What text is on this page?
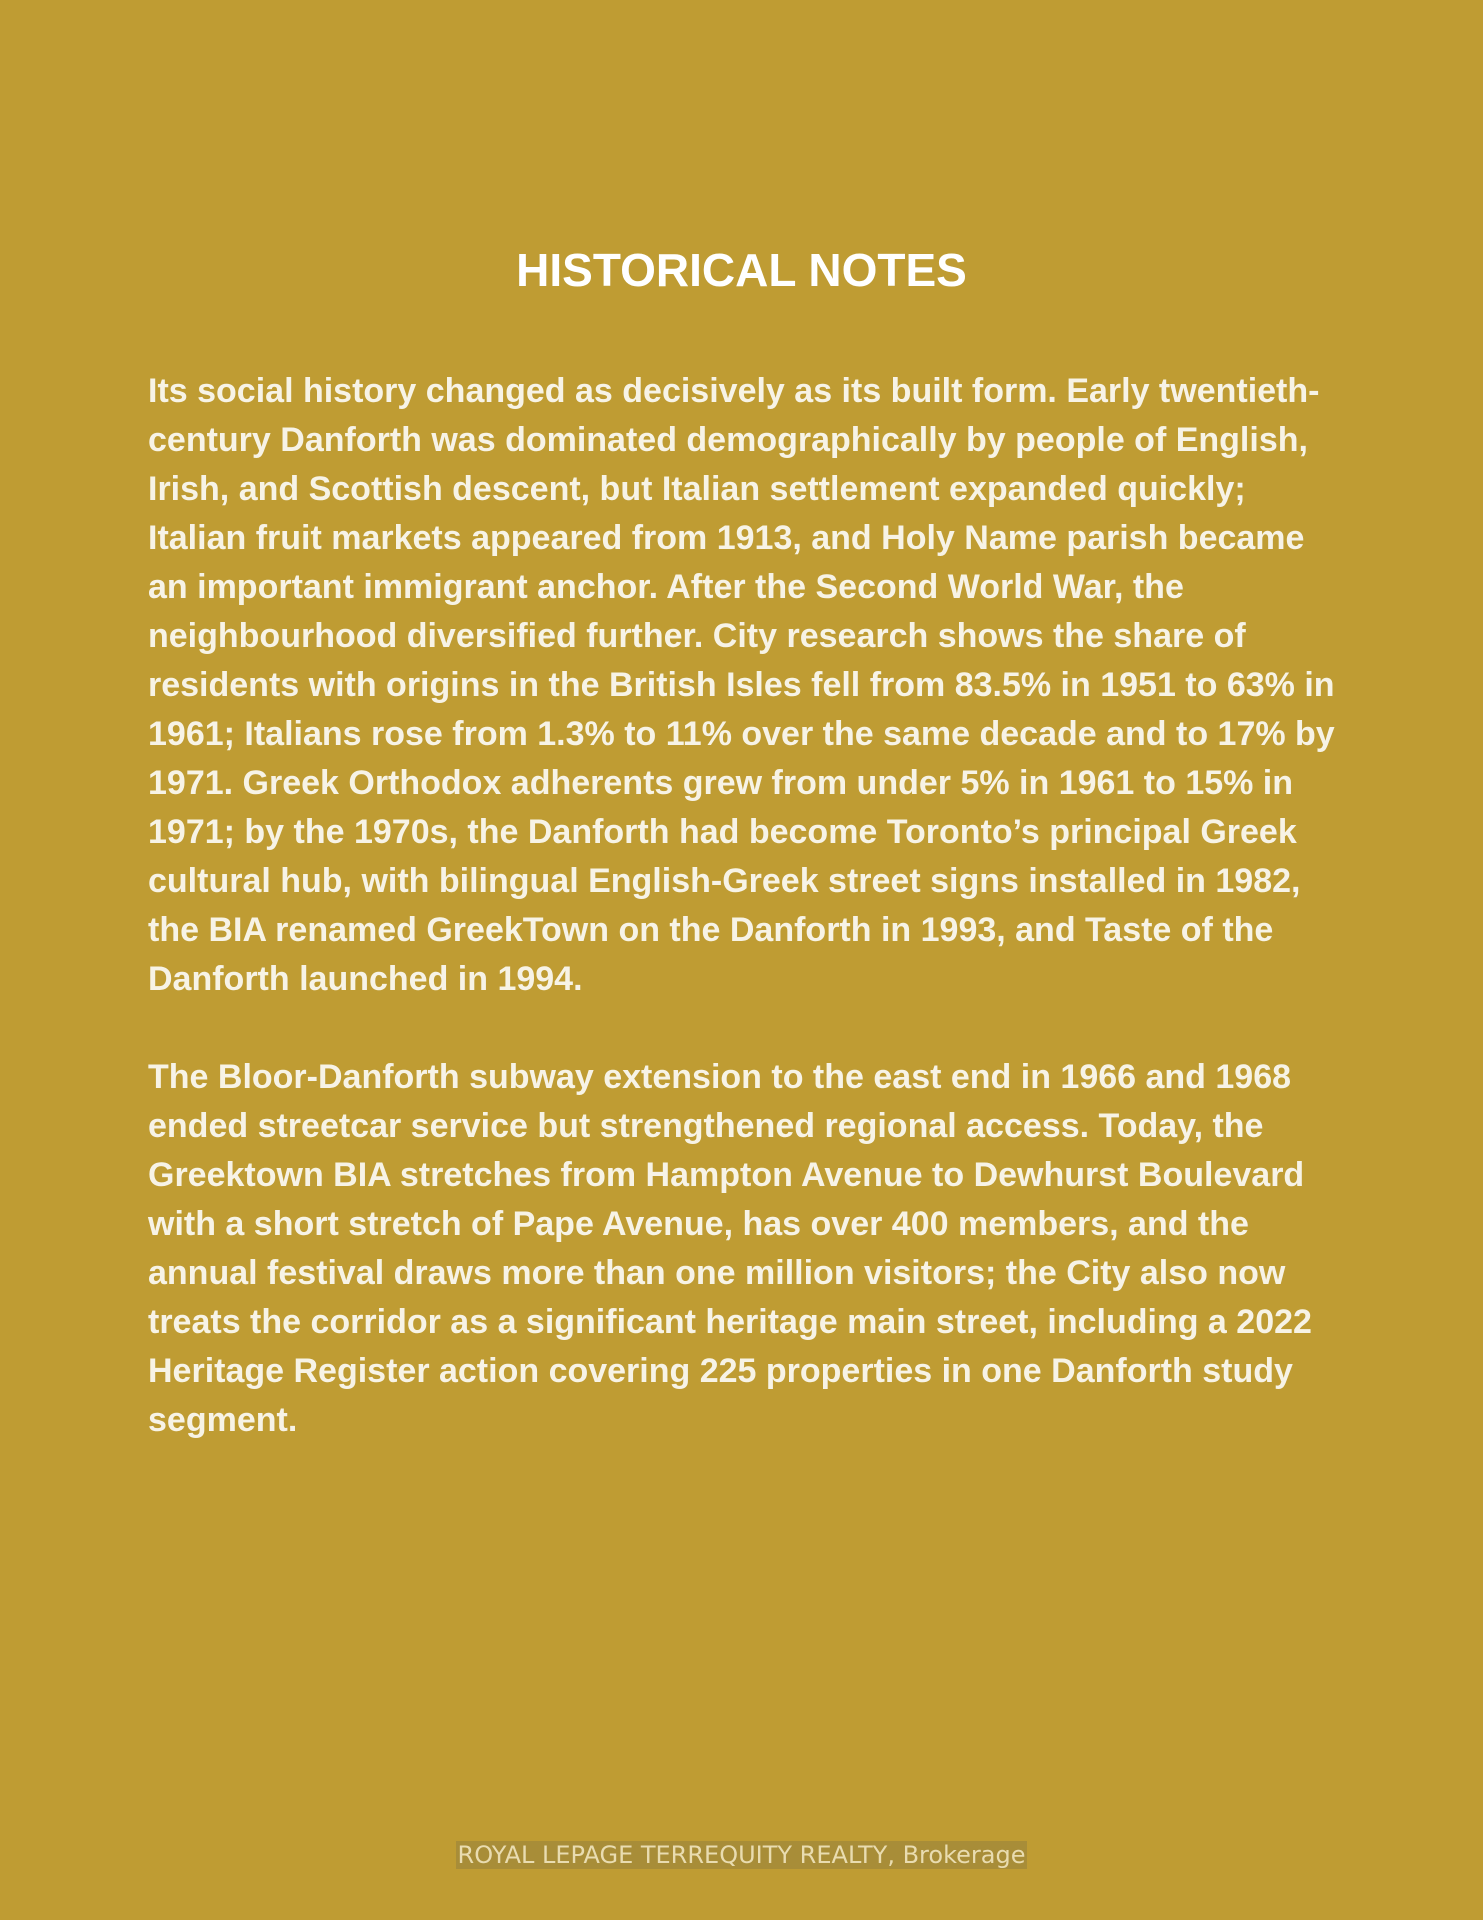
HISTORICAL NOTES

Its social history changed as decisively as its built form. Early twentieth-century Danforth was dominated demographically by people of English, Irish, and Scottish descent, but Italian settlement expanded quickly; Italian fruit markets appeared from 1913, and Holy Name parish became an important immigrant anchor. After the Second World War, the neighbourhood diversified further. City research shows the share of residents with origins in the British Isles fell from 83.5% in 1951 to 63% in 1961; Italians rose from 1.3% to 11% over the same decade and to 17% by 1971. Greek Orthodox adherents grew from under 5% in 1961 to 15% in 1971; by the 1970s, the Danforth had become Toronto’s principal Greek cultural hub, with bilingual English-Greek street signs installed in 1982, the BIA renamed GreekTown on the Danforth in 1993, and Taste of the Danforth launched in 1994.

The Bloor-Danforth subway extension to the east end in 1966 and 1968 ended streetcar service but strengthened regional access. Today, the Greektown BIA stretches from Hampton Avenue to Dewhurst Boulevard with a short stretch of Pape Avenue, has over 400 members, and the annual festival draws more than one million visitors; the City also now treats the corridor as a significant heritage main street, including a 2022 Heritage Register action covering 225 properties in one Danforth study segment.

ROYAL LEPAGE TERREQUITY REALTY, Brokerage
